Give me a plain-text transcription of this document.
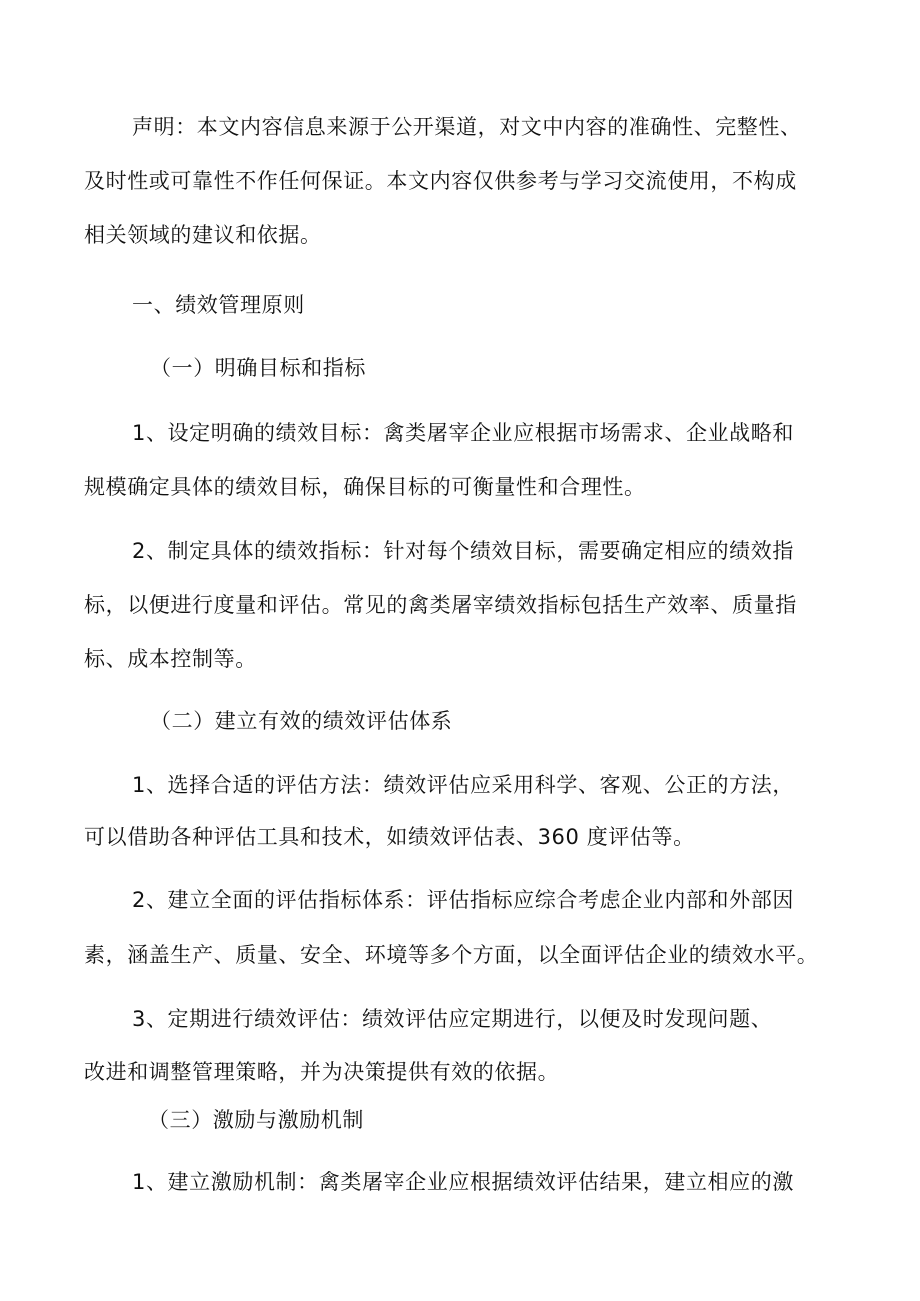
声明：本文内容信息来源于公开渠道，对文中内容的准确性、完整性、

及时性或可靠性不作任何保证。本文内容仅供参考与学习交流使用，不构成

相关领域的建议和依据。

一、绩效管理原则

（一）明确目标和指标

1、设定明确的绩效目标：禽类屠宰企业应根据市场需求、企业战略和

规模确定具体的绩效目标，确保目标的可衡量性和合理性。

2、制定具体的绩效指标：针对每个绩效目标，需要确定相应的绩效指

标，以便进行度量和评估。常见的禽类屠宰绩效指标包括生产效率、质量指

标、成本控制等。

（二）建立有效的绩效评估体系

1、选择合适的评估方法：绩效评估应采用科学、客观、公正的方法，

可以借助各种评估工具和技术，如绩效评估表、360 度评估等。

2、建立全面的评估指标体系：评估指标应综合考虑企业内部和外部因

素，涵盖生产、质量、安全、环境等多个方面，以全面评估企业的绩效水平。

3、定期进行绩效评估：绩效评估应定期进行，以便及时发现问题、

改进和调整管理策略，并为决策提供有效的依据。

（三）激励与激励机制

1、建立激励机制：禽类屠宰企业应根据绩效评估结果，建立相应的激
